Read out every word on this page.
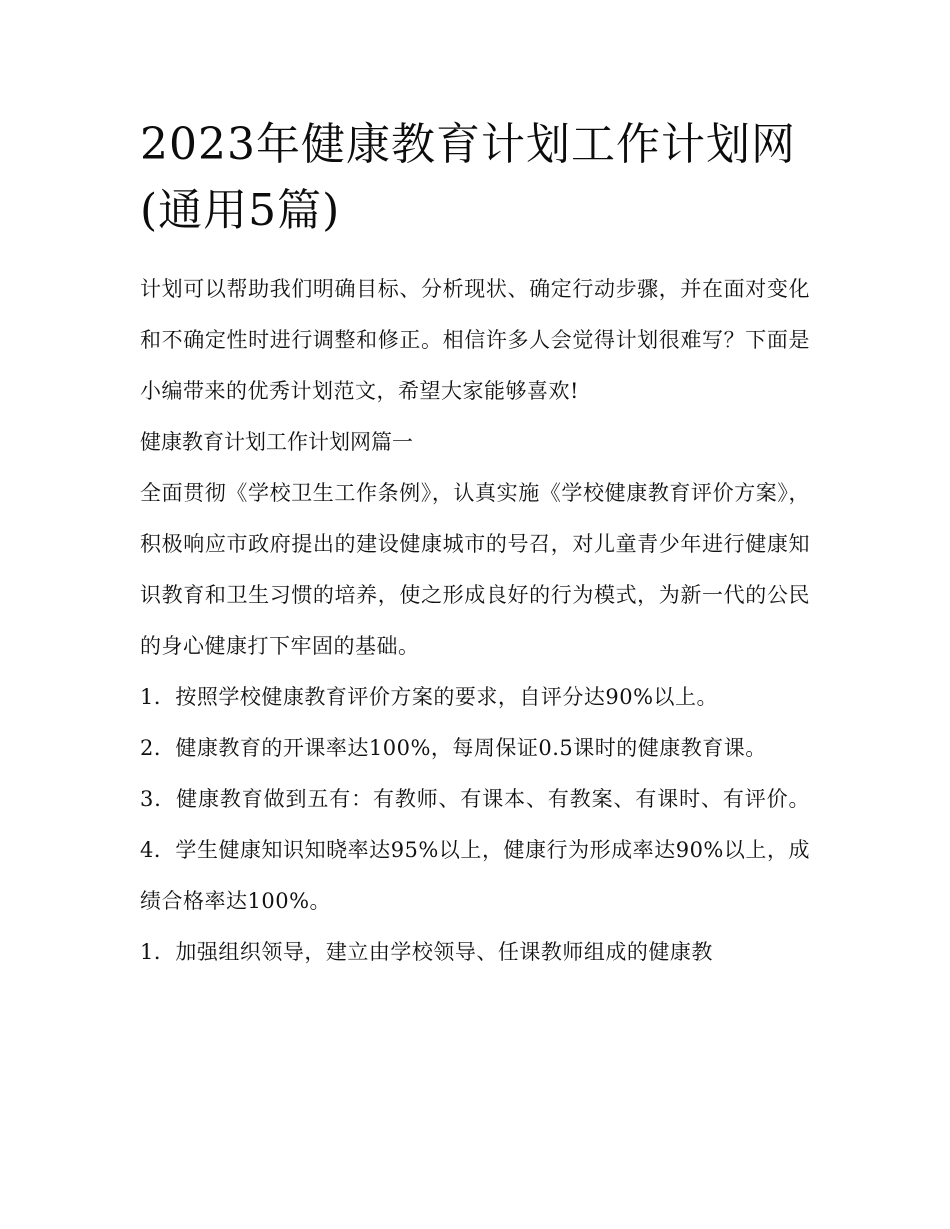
2023年健康教育计划工作计划网(通用5篇)

计划可以帮助我们明确目标、分析现状、确定行动步骤，并在面对变化和不确定性时进行调整和修正。相信许多人会觉得计划很难写？下面是小编带来的优秀计划范文，希望大家能够喜欢!

健康教育计划工作计划网篇一

全面贯彻《学校卫生工作条例》，认真实施《学校健康教育评价方案》，积极响应市政府提出的建设健康城市的号召，对儿童青少年进行健康知识教育和卫生习惯的培养，使之形成良好的行为模式，为新一代的公民的身心健康打下牢固的基础。

1．按照学校健康教育评价方案的要求，自评分达90%以上。

2．健康教育的开课率达100%，每周保证0.5课时的健康教育课。

3．健康教育做到五有：有教师、有课本、有教案、有课时、有评价。 4．学生健康知识知晓率达95%以上，健康行为形成率达90%以上，成绩合格率达100%。

1．加强组织领导，建立由学校领导、任课教师组成的健康教
